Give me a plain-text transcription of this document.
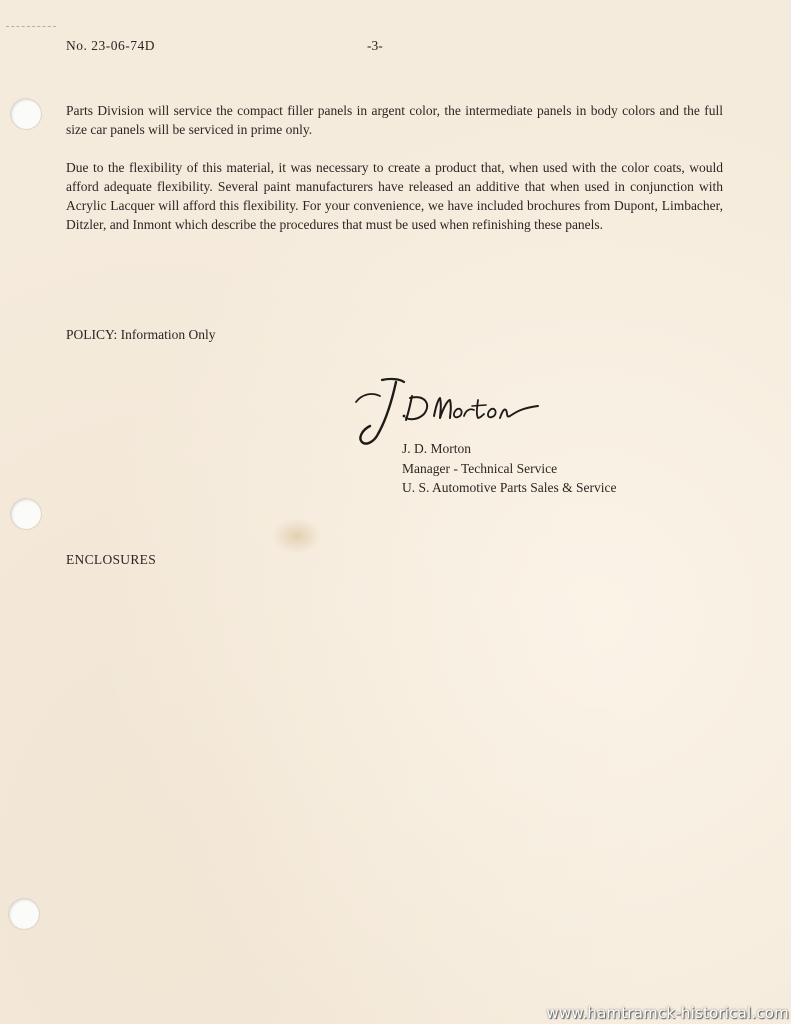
No. 23-06-74D	-3-

Parts Division will service the compact filler panels in argent color, the intermediate panels in body colors and the full size car panels will be serviced in prime only.

Due to the flexibility of this material, it was necessary to create a product that, when used with the color coats, would afford adequate flexibility. Several paint manufacturers have released an additive that when used in conjunction with Acrylic Lacquer will afford this flexibility. For your convenience, we have included brochures from Dupont, Limbacher, Ditzler, and Inmont which describe the procedures that must be used when refinishing these panels.

POLICY: Information Only
J. D. Morton
Manager - Technical Service
U. S. Automotive Parts Sales & Service
ENCLOSURES
www.hamtramck-historical.com
